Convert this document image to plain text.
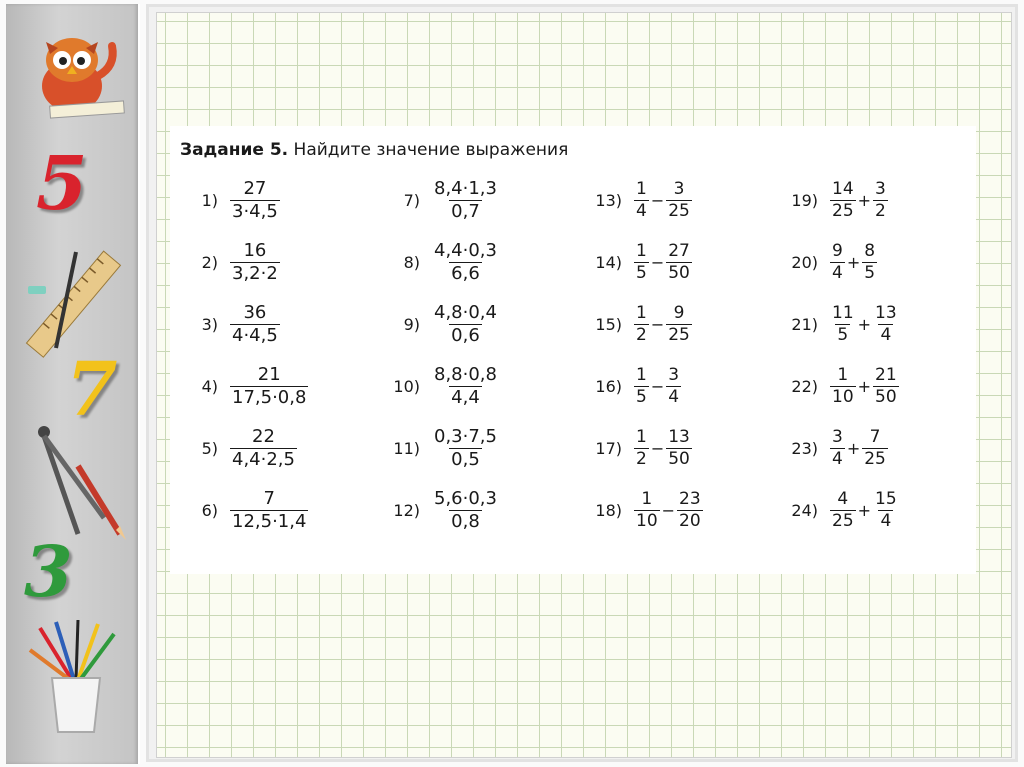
5
7
3
Задание 5. Найдите значение выражения
$1) \frac{27}{3\cdot 4,5}$
$2) \frac{16}{3,2\cdot 2}$
$3) \frac{36}{4\cdot 4,5}$
$4) \frac{21}{17,5\cdot 0,8}$
$5) \frac{22}{4,4\cdot 2,5}$
$6) \frac{7}{12,5\cdot 1,4}$
$7) \frac{8,4\cdot 1,3}{0,7}$
$8) \frac{4,4\cdot 0,3}{6,6}$
$9) \frac{4,8\cdot 0,4}{0,6}$
$10) \frac{8,8\cdot 0,8}{4,4}$
$11) \frac{0,3\cdot 7,5}{0,5}$
$12) \frac{5,6\cdot 0,3}{0,8}$
$13) \frac{1}{4} - \frac{3}{25}$
$14) \frac{1}{5} - \frac{27}{50}$
$15) \frac{1}{2} - \frac{9}{25}$
$16) \frac{1}{5} - \frac{3}{4}$
$17) \frac{1}{2} - \frac{13}{50}$
$18) \frac{1}{10} - \frac{23}{20}$
$19) \frac{14}{25} + \frac{3}{2}$
$20) \frac{9}{4} + \frac{8}{5}$
$21) \frac{11}{5} + \frac{13}{4}$
$22) \frac{1}{10} + \frac{21}{50}$
$23) \frac{3}{4} + \frac{7}{25}$
$24) \frac{4}{25} + \frac{15}{4}$
